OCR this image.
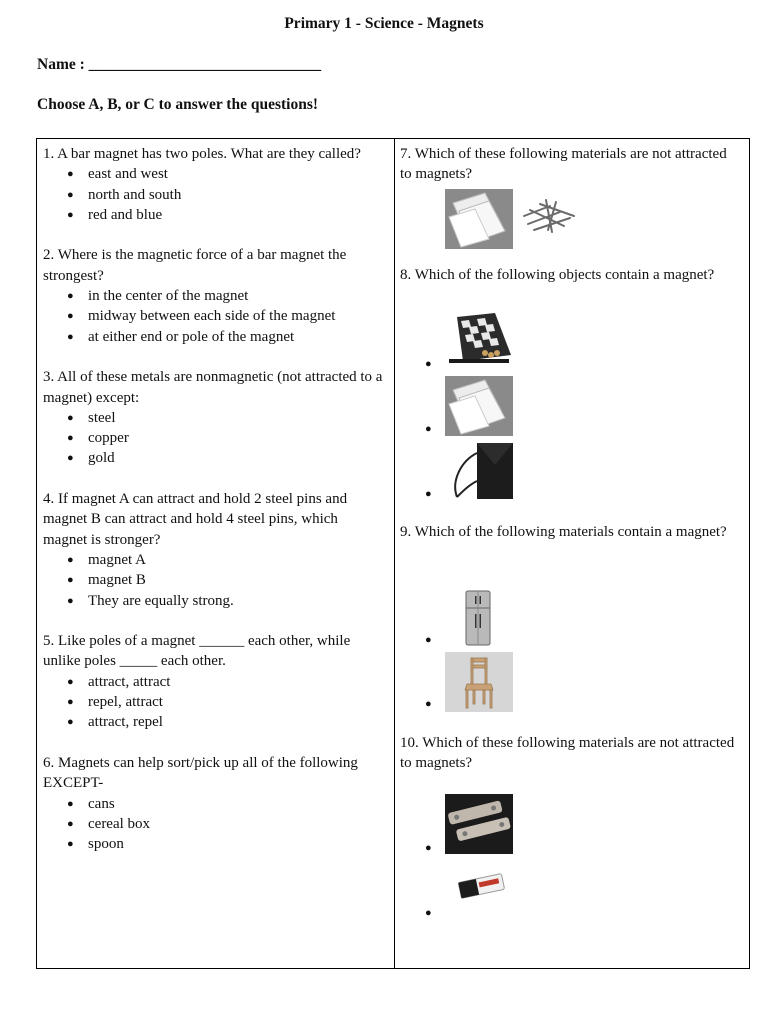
Primary 1 - Science - Magnets
Name : ______________________________
Choose A, B, or C to answer the questions!

1. A bar magnet has two poles. What are they called?

● east and west
● north and south
● red and blue

2. Where is the magnetic force of a bar magnet the strongest?

● in the center of the magnet
● midway between each side of the magnet
● at either end or pole of the magnet

3. All of these metals are nonmagnetic (not attracted to a magnet) except:

● steel
● copper
● gold

4. If magnet A can attract and hold 2 steel pins and magnet B can attract and hold 4 steel pins, which magnet is stronger?

● magnet A
● magnet B
● They are equally strong.

5. Like poles of a magnet ______ each other, while unlike poles _____ each other.

● attract, attract
● repel, attract
● attract, repel

6. Magnets can help sort/pick up all of the following EXCEPT-

● cans
● cereal box
● spoon

7. Which of these following materials are not attracted to magnets?

8. Which of the following objects contain a magnet?

●
●
●

9. Which of the following materials contain a magnet?

●
●

10. Which of these following materials are not attracted to magnets?

●
●
